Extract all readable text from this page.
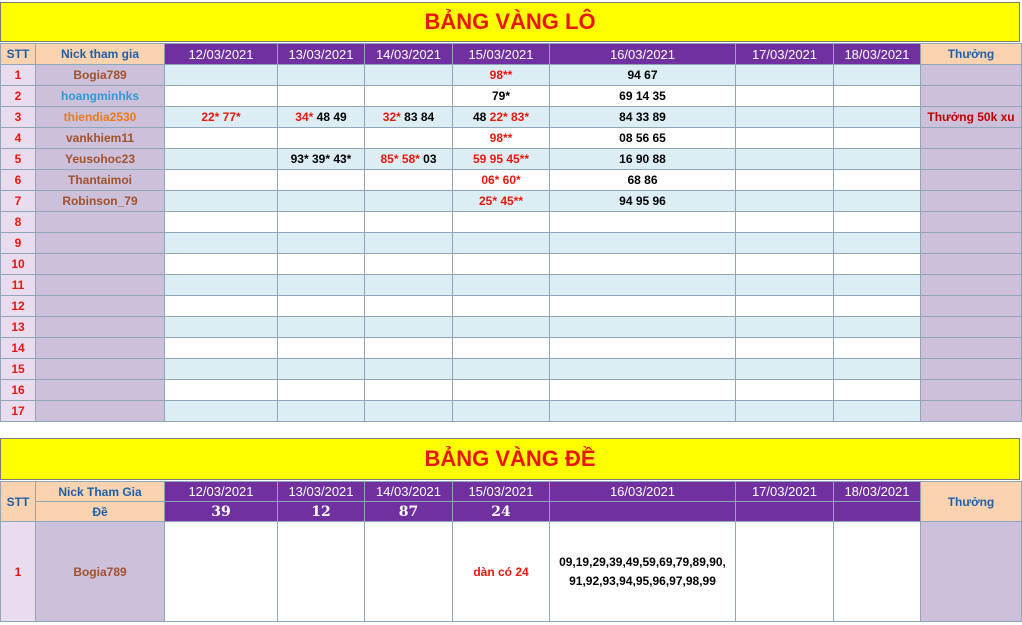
BẢNG VÀNG LÔ
STT	Nick tham gia	12/03/2021	13/03/2021	14/03/2021	15/03/2021	16/03/2021	17/03/2021	18/03/2021	Thưởng
1	Bogia789				98**	94 67			
2	hoangminhks				79*	69 14 35			
3	thiendia2530	22* 77*	34* 48 49	32* 83 84	48 22* 83*	84 33 89			Thưởng 50k xu
4	vankhiem11				98**	08 56 65			
5	Yeusohoc23		93* 39* 43*	85* 58* 03	59 95 45**	16 90 88			
6	Thantaimoi				06* 60*	68 86			
7	Robinson_79				25* 45**	94 95 96			
8									
9									
10									
11									
12									
13									
14									
15									
16									
17									
BẢNG VÀNG ĐỀ
STT	Nick Tham Gia	12/03/2021	13/03/2021	14/03/2021	15/03/2021	16/03/2021	17/03/2021	18/03/2021	Thưởng
	Đề	39	12	87	24				
1	Bogia789				dàn có 24	09,19,29,39,49,59,69,79,89,90, 91,92,93,94,95,96,97,98,99			
